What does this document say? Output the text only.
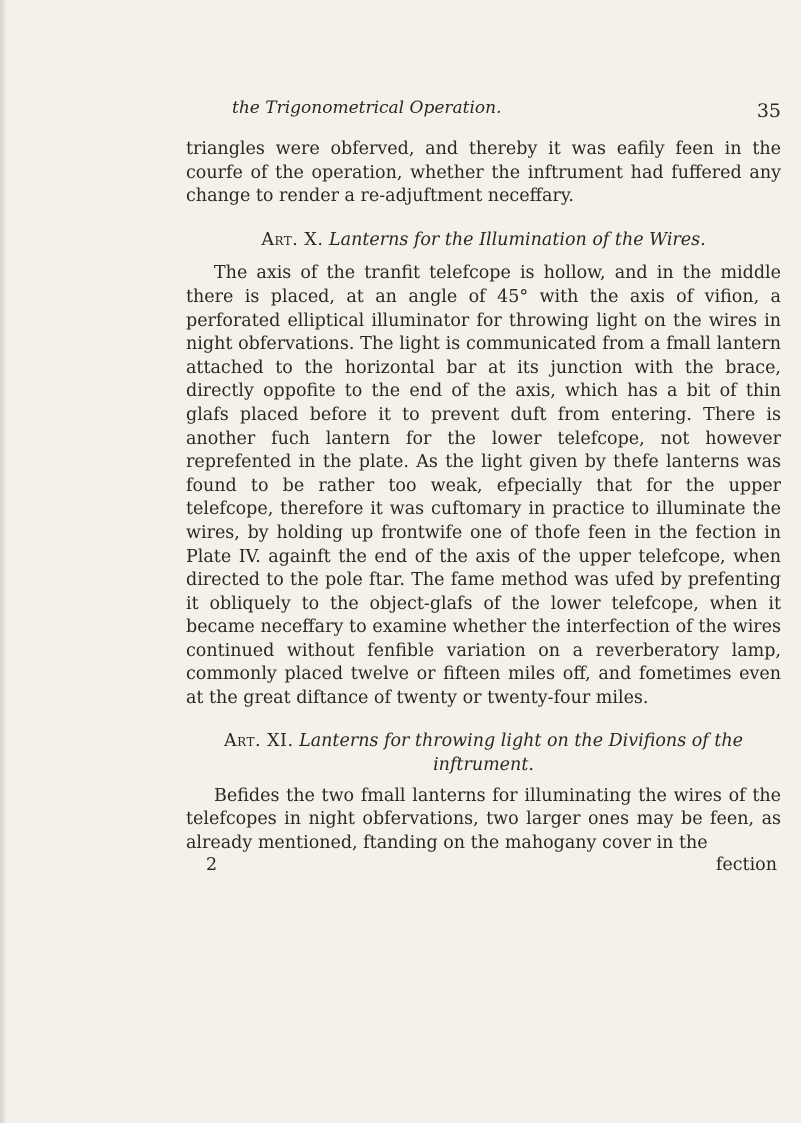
the Trigonometrical Operation.	35

triangles were obferved, and thereby it was eafily feen in the courfe of the operation, whether the inftrument had fuffered any change to render a re-adjuftment neceffary.

Art. X. Lanterns for the Illumination of the Wires.

The axis of the tranfit telefcope is hollow, and in the middle there is placed, at an angle of 45° with the axis of vifion, a perforated elliptical illuminator for throwing light on the wires in night obfervations. The light is communicated from a fmall lantern attached to the horizontal bar at its junction with the brace, directly oppofite to the end of the axis, which has a bit of thin glafs placed before it to prevent duft from entering. There is another fuch lantern for the lower telefcope, not however reprefented in the plate. As the light given by thefe lanterns was found to be rather too weak, efpecially that for the upper telefcope, therefore it was cuftomary in practice to illuminate the wires, by holding up frontwife one of thofe feen in the fection in Plate IV. againft the end of the axis of the upper telefcope, when directed to the pole ftar. The fame method was ufed by prefenting it obliquely to the object-glafs of the lower telefcope, when it became neceffary to examine whether the interfection of the wires continued without fenfible variation on a reverberatory lamp, commonly placed twelve or fifteen miles off, and fometimes even at the great diftance of twenty or twenty-four miles.

Art. XI. Lanterns for throwing light on the Divifions of the inftrument.

Befides the two fmall lanterns for illuminating the wires of the telefcopes in night obfervations, two larger ones may be feen, as already mentioned, ftanding on the mahogany cover in the

2	fection
